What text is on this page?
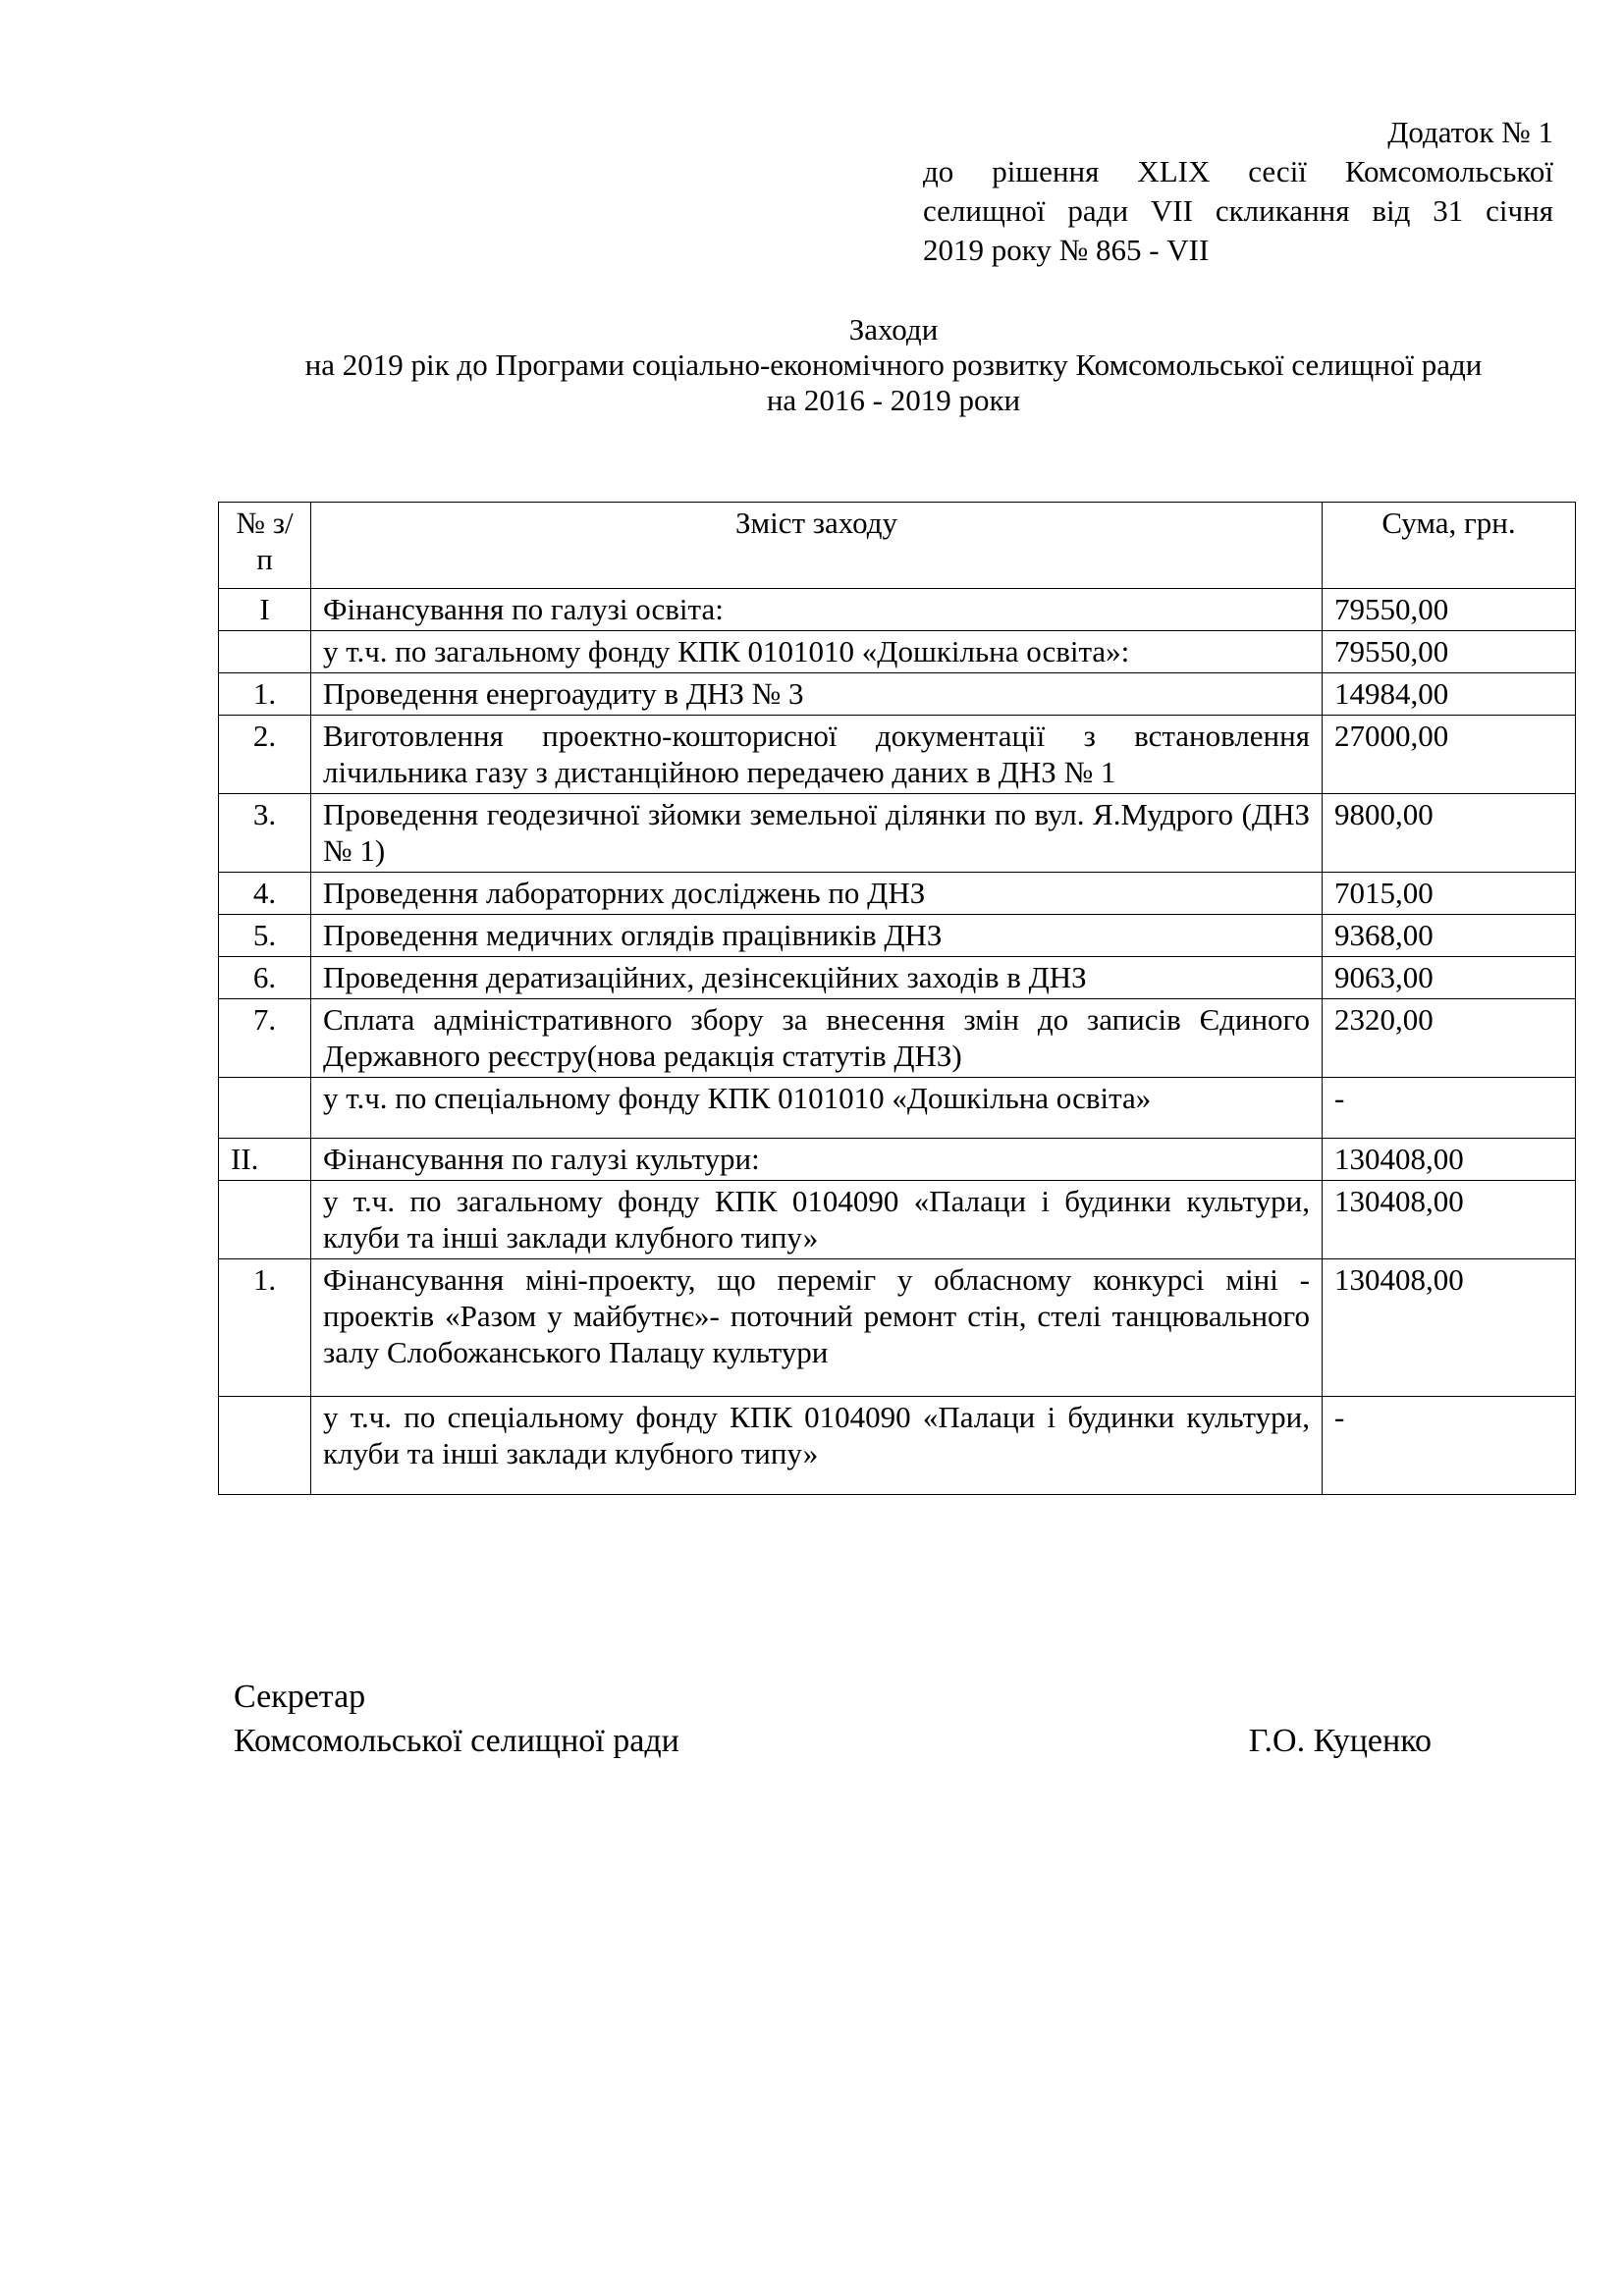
Додаток № 1
до рішення XLIX сесії Комсомольської
селищної ради VII скликання від 31 січня
2019 року № 865 - VII
Заходи
на 2019 рік до Програми соціально-економічного розвитку Комсомольської селищної ради
на 2016 - 2019 роки
№ з/п	Зміст заходу	Сума, грн.
І	Фінансування по галузі освіта:	79550,00
	у т.ч. по загальному фонду КПК 0101010 «Дошкільна освіта»:	79550,00
1.	Проведення енергоаудиту в ДНЗ № 3	14984,00
2.	Виготовлення проектно-кошторисної документації з встановлення лічильника газу з дистанційною передачею даних в ДНЗ № 1	27000,00
3.	Проведення геодезичної зйомки земельної ділянки по вул. Я.Мудрого (ДНЗ № 1)	9800,00
4.	Проведення лабораторних досліджень по ДНЗ	7015,00
5.	Проведення медичних оглядів працівників ДНЗ	9368,00
6.	Проведення дератизаційних, дезінсекційних заходів в ДНЗ	9063,00
7.	Сплата адміністративного збору за внесення змін до записів Єдиного Державного реєстру(нова редакція статутів ДНЗ)	2320,00
	у т.ч. по спеціальному фонду КПК 0101010 «Дошкільна освіта»	-
ІІ.	Фінансування по галузі культури:	130408,00
	у т.ч. по загальному фонду КПК 0104090 «Палаци і будинки культури, клуби та інші заклади клубного типу»	130408,00
1.	Фінансування міні-проекту, що переміг у обласному конкурсі міні - проектів «Разом у майбутнє»- поточний ремонт стін, стелі танцювального залу Слобожанського Палацу культури	130408,00
	у т.ч. по спеціальному фонду КПК 0104090 «Палаци і будинки культури, клуби та інші заклади клубного типу»	-
Секретар
Комсомольської селищної ради	Г.О. Куценко
